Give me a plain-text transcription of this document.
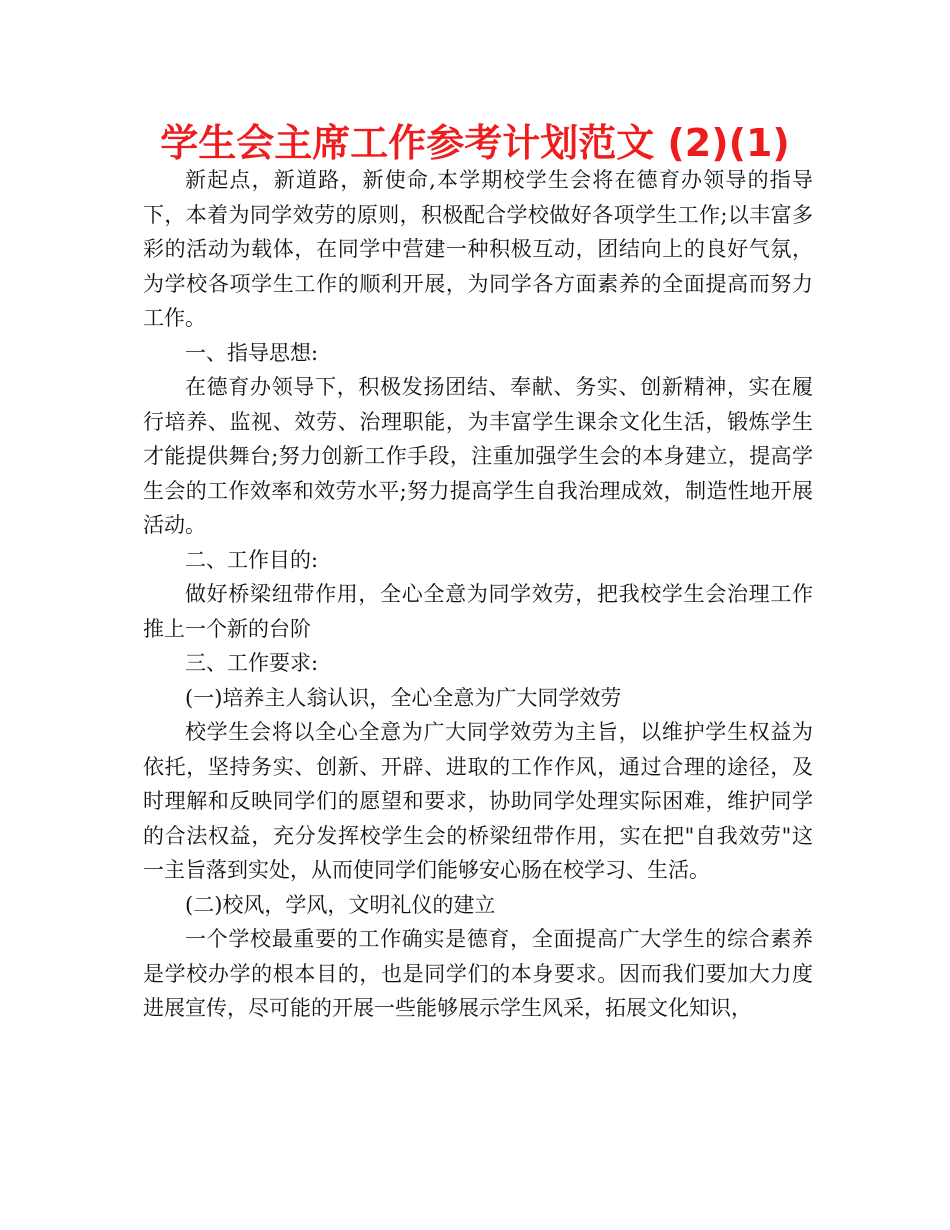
学生会主席工作参考计划范文 (2)(1)

新起点，新道路，新使命,本学期校学生会将在德育办领导的指导下，本着为同学效劳的原则，积极配合学校做好各项学生工作;以丰富多彩的活动为载体，在同学中营建一种积极互动，团结向上的良好气氛，为学校各项学生工作的顺利开展，为同学各方面素养的全面提高而努力工作。

一、指导思想:

在德育办领导下，积极发扬团结、奉献、务实、创新精神，实在履行培养、监视、效劳、治理职能，为丰富学生课余文化生活，锻炼学生才能提供舞台;努力创新工作手段，注重加强学生会的本身建立，提高学生会的工作效率和效劳水平;努力提高学生自我治理成效，制造性地开展活动。

二、工作目的:

做好桥梁纽带作用，全心全意为同学效劳，把我校学生会治理工作推上一个新的台阶

三、工作要求:

(一)培养主人翁认识，全心全意为广大同学效劳

校学生会将以全心全意为广大同学效劳为主旨，以维护学生权益为依托，坚持务实、创新、开辟、进取的工作作风，通过合理的途径，及时理解和反映同学们的愿望和要求，协助同学处理实际困难，维护同学的合法权益，充分发挥校学生会的桥梁纽带作用，实在把"自我效劳"这一主旨落到实处，从而使同学们能够安心肠在校学习、生活。

(二)校风，学风，文明礼仪的建立

一个学校最重要的工作确实是德育，全面提高广大学生的综合素养是学校办学的根本目的，也是同学们的本身要求。因而我们要加大力度进展宣传，尽可能的开展一些能够展示学生风采，拓展文化知识，
